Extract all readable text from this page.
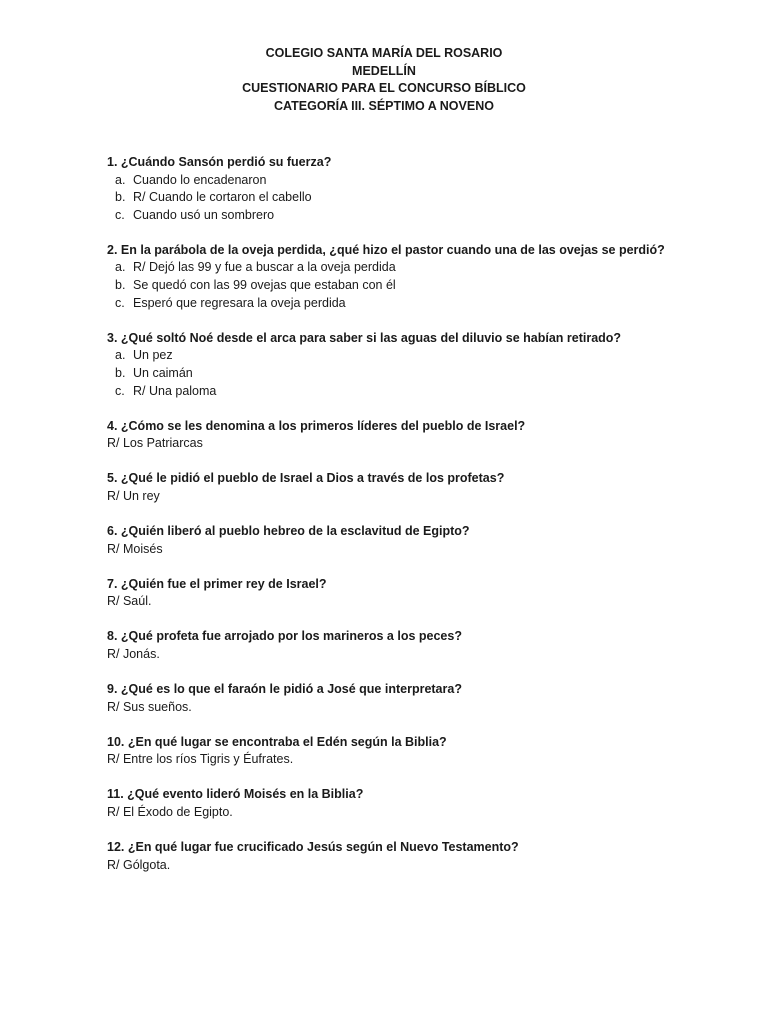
COLEGIO SANTA MARÍA DEL ROSARIO
MEDELLÍN
CUESTIONARIO PARA EL CONCURSO BÍBLICO
CATEGORÍA III. SÉPTIMO A NOVENO
1. ¿Cuándo Sansón perdió su fuerza?
a. Cuando lo encadenaron
b. R/ Cuando le cortaron el cabello
c. Cuando usó un sombrero
2. En la parábola de la oveja perdida, ¿qué hizo el pastor cuando una de las ovejas se perdió?
a. R/ Dejó las 99 y fue a buscar a la oveja perdida
b. Se quedó con las 99 ovejas que estaban con él
c. Esperó que regresara la oveja perdida
3. ¿Qué soltó Noé desde el arca para saber si las aguas del diluvio se habían retirado?
a. Un pez
b. Un caimán
c. R/ Una paloma
4. ¿Cómo se les denomina a los primeros líderes del pueblo de Israel?
R/ Los Patriarcas
5. ¿Qué le pidió el pueblo de Israel a Dios a través de los profetas?
R/ Un rey
6. ¿Quién liberó al pueblo hebreo de la esclavitud de Egipto?
R/ Moisés
7. ¿Quién fue el primer rey de Israel?
R/ Saúl.
8. ¿Qué profeta fue arrojado por los marineros a los peces?
R/ Jonás.
9. ¿Qué es lo que el faraón le pidió a José que interpretara?
R/ Sus sueños.
10. ¿En qué lugar se encontraba el Edén según la Biblia?
R/ Entre los ríos Tigris y Éufrates.
11. ¿Qué evento lideró Moisés en la Biblia?
R/ El Éxodo de Egipto.
12. ¿En qué lugar fue crucificado Jesús según el Nuevo Testamento?
R/ Gólgota.
